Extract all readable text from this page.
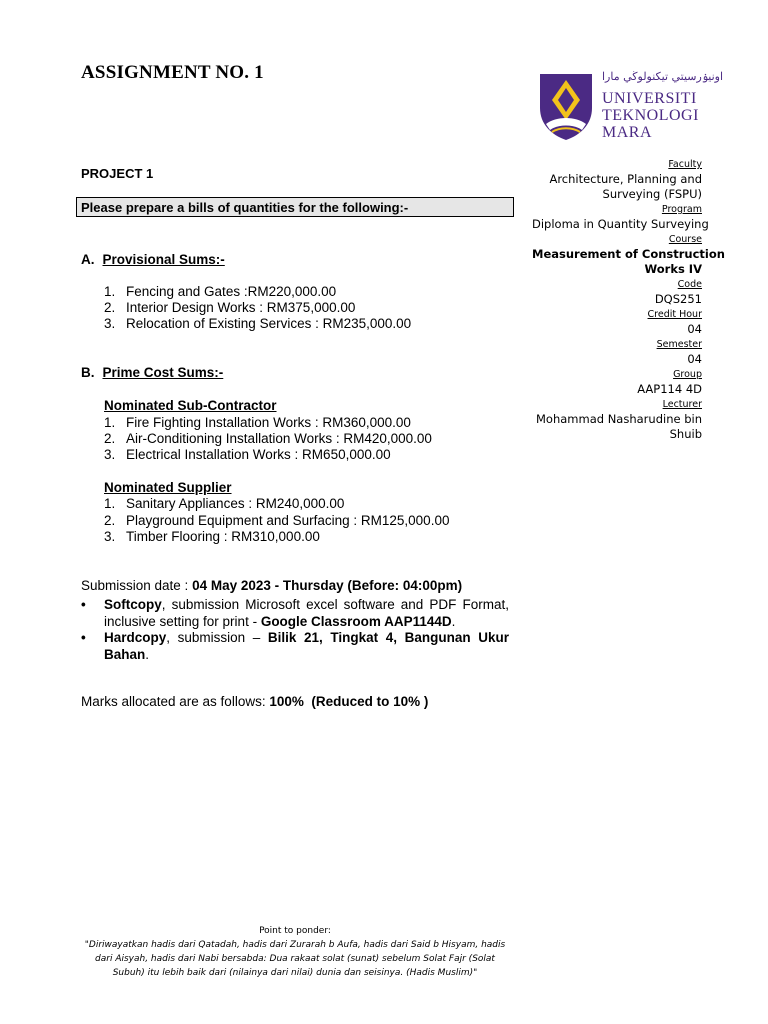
ASSIGNMENT NO. 1	اونيۏرسيتي تيكنولوڬي مارا
UNIVERSITI
TEKNOLOGI
MARA
PROJECT 1
Please prepare a bills of quantities for the following:-
Faculty
Architecture, Planning and
Surveying (FSPU)
Program
Diploma in Quantity Surveying
Course
Measurement of Construction
Works IV
Code
DQS251
Credit Hour
04
Semester
04
Group
AAP114 4D
Lecturer
Mohammad Nasharudine bin
Shuib
A. Provisional Sums:-
1. Fencing and Gates :RM220,000.00
2. Interior Design Works : RM375,000.00
3. Relocation of Existing Services : RM235,000.00
B. Prime Cost Sums:-
Nominated Sub-Contractor
1. Fire Fighting Installation Works : RM360,000.00
2. Air-Conditioning Installation Works : RM420,000.00
3. Electrical Installation Works : RM650,000.00
Nominated Supplier
1. Sanitary Appliances : RM240,000.00
2. Playground Equipment and Surfacing : RM125,000.00
3. Timber Flooring : RM310,000.00
Submission date : 04 May 2023 - Thursday (Before: 04:00pm)
• Softcopy, submission Microsoft excel software and PDF Format, inclusive setting for print - Google Classroom AAP1144D.
• Hardcopy, submission – Bilik 21, Tingkat 4, Bangunan Ukur Bahan.
Marks allocated are as follows: 100% (Reduced to 10% )
Point to ponder:
"Diriwayatkan hadis dari Qatadah, hadis dari Zurarah b Aufa, hadis dari Said b Hisyam, hadis dari Aisyah, hadis dari Nabi bersabda: Dua rakaat solat (sunat) sebelum Solat Fajr (Solat Subuh) itu lebih baik dari (nilainya dari nilai) dunia dan seisinya. (Hadis Muslim)"
